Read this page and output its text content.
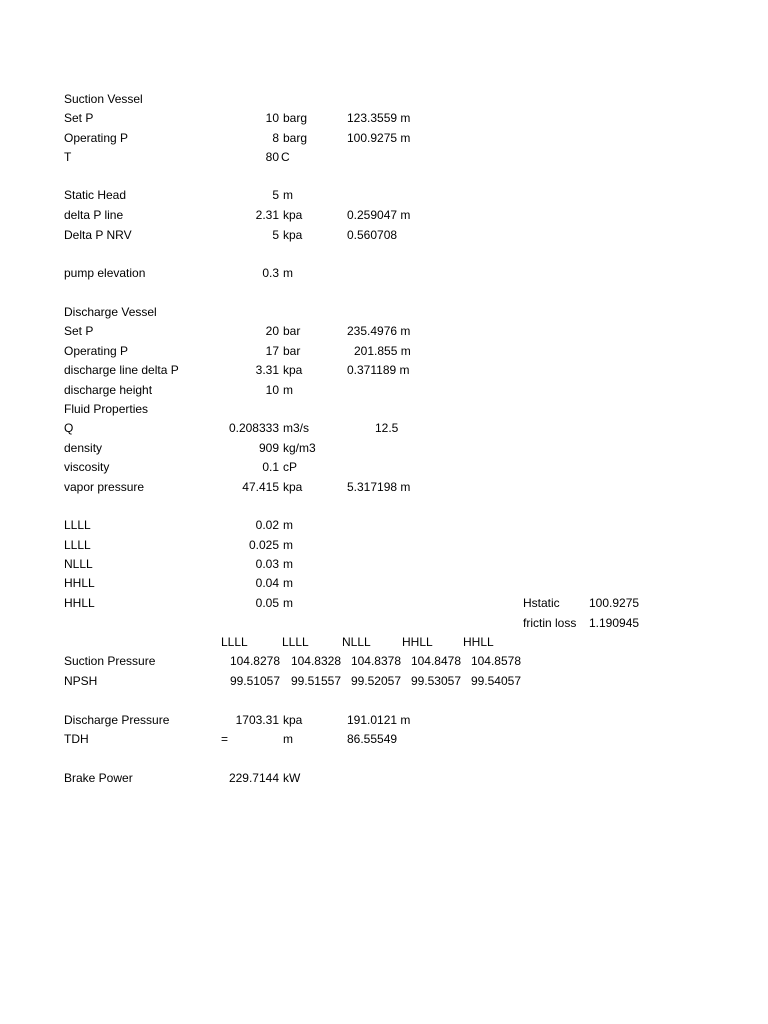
Suction Vessel
Set P	10 barg	123.3559 m
Operating P	8 barg	100.9275 m
T	80 C
Static Head	5 m
delta P line	2.31 kpa	0.259047 m
Delta P NRV	5 kpa	0.560708
pump elevation	0.3 m
Discharge Vessel
Set P	20 bar	235.4976 m
Operating P	17 bar	201.855 m
discharge line delta P	3.31 kpa	0.371189 m
discharge height	10 m
Fluid Properties
Q	0.208333 m3/s	12.5
density	909 kg/m3
viscosity	0.1 cP
vapor pressure	47.415 kpa	5.317198 m
LLLL	0.02 m
LLLL	0.025 m
NLLL	0.03 m
HHLL	0.04 m
HHLL	0.05 m	Hstatic 100.9275
frictin loss 1.190945
LLLL	LLLL	NLLL	HHLL	HHLL
Suction Pressure	104.8278 104.8328 104.8378 104.8478 104.8578
NPSH	99.51057 99.51557 99.52057 99.53057 99.54057
Discharge Pressure	1703.31 kpa	191.0121 m
TDH	=	m	86.55549
Brake Power	229.7144 kW
